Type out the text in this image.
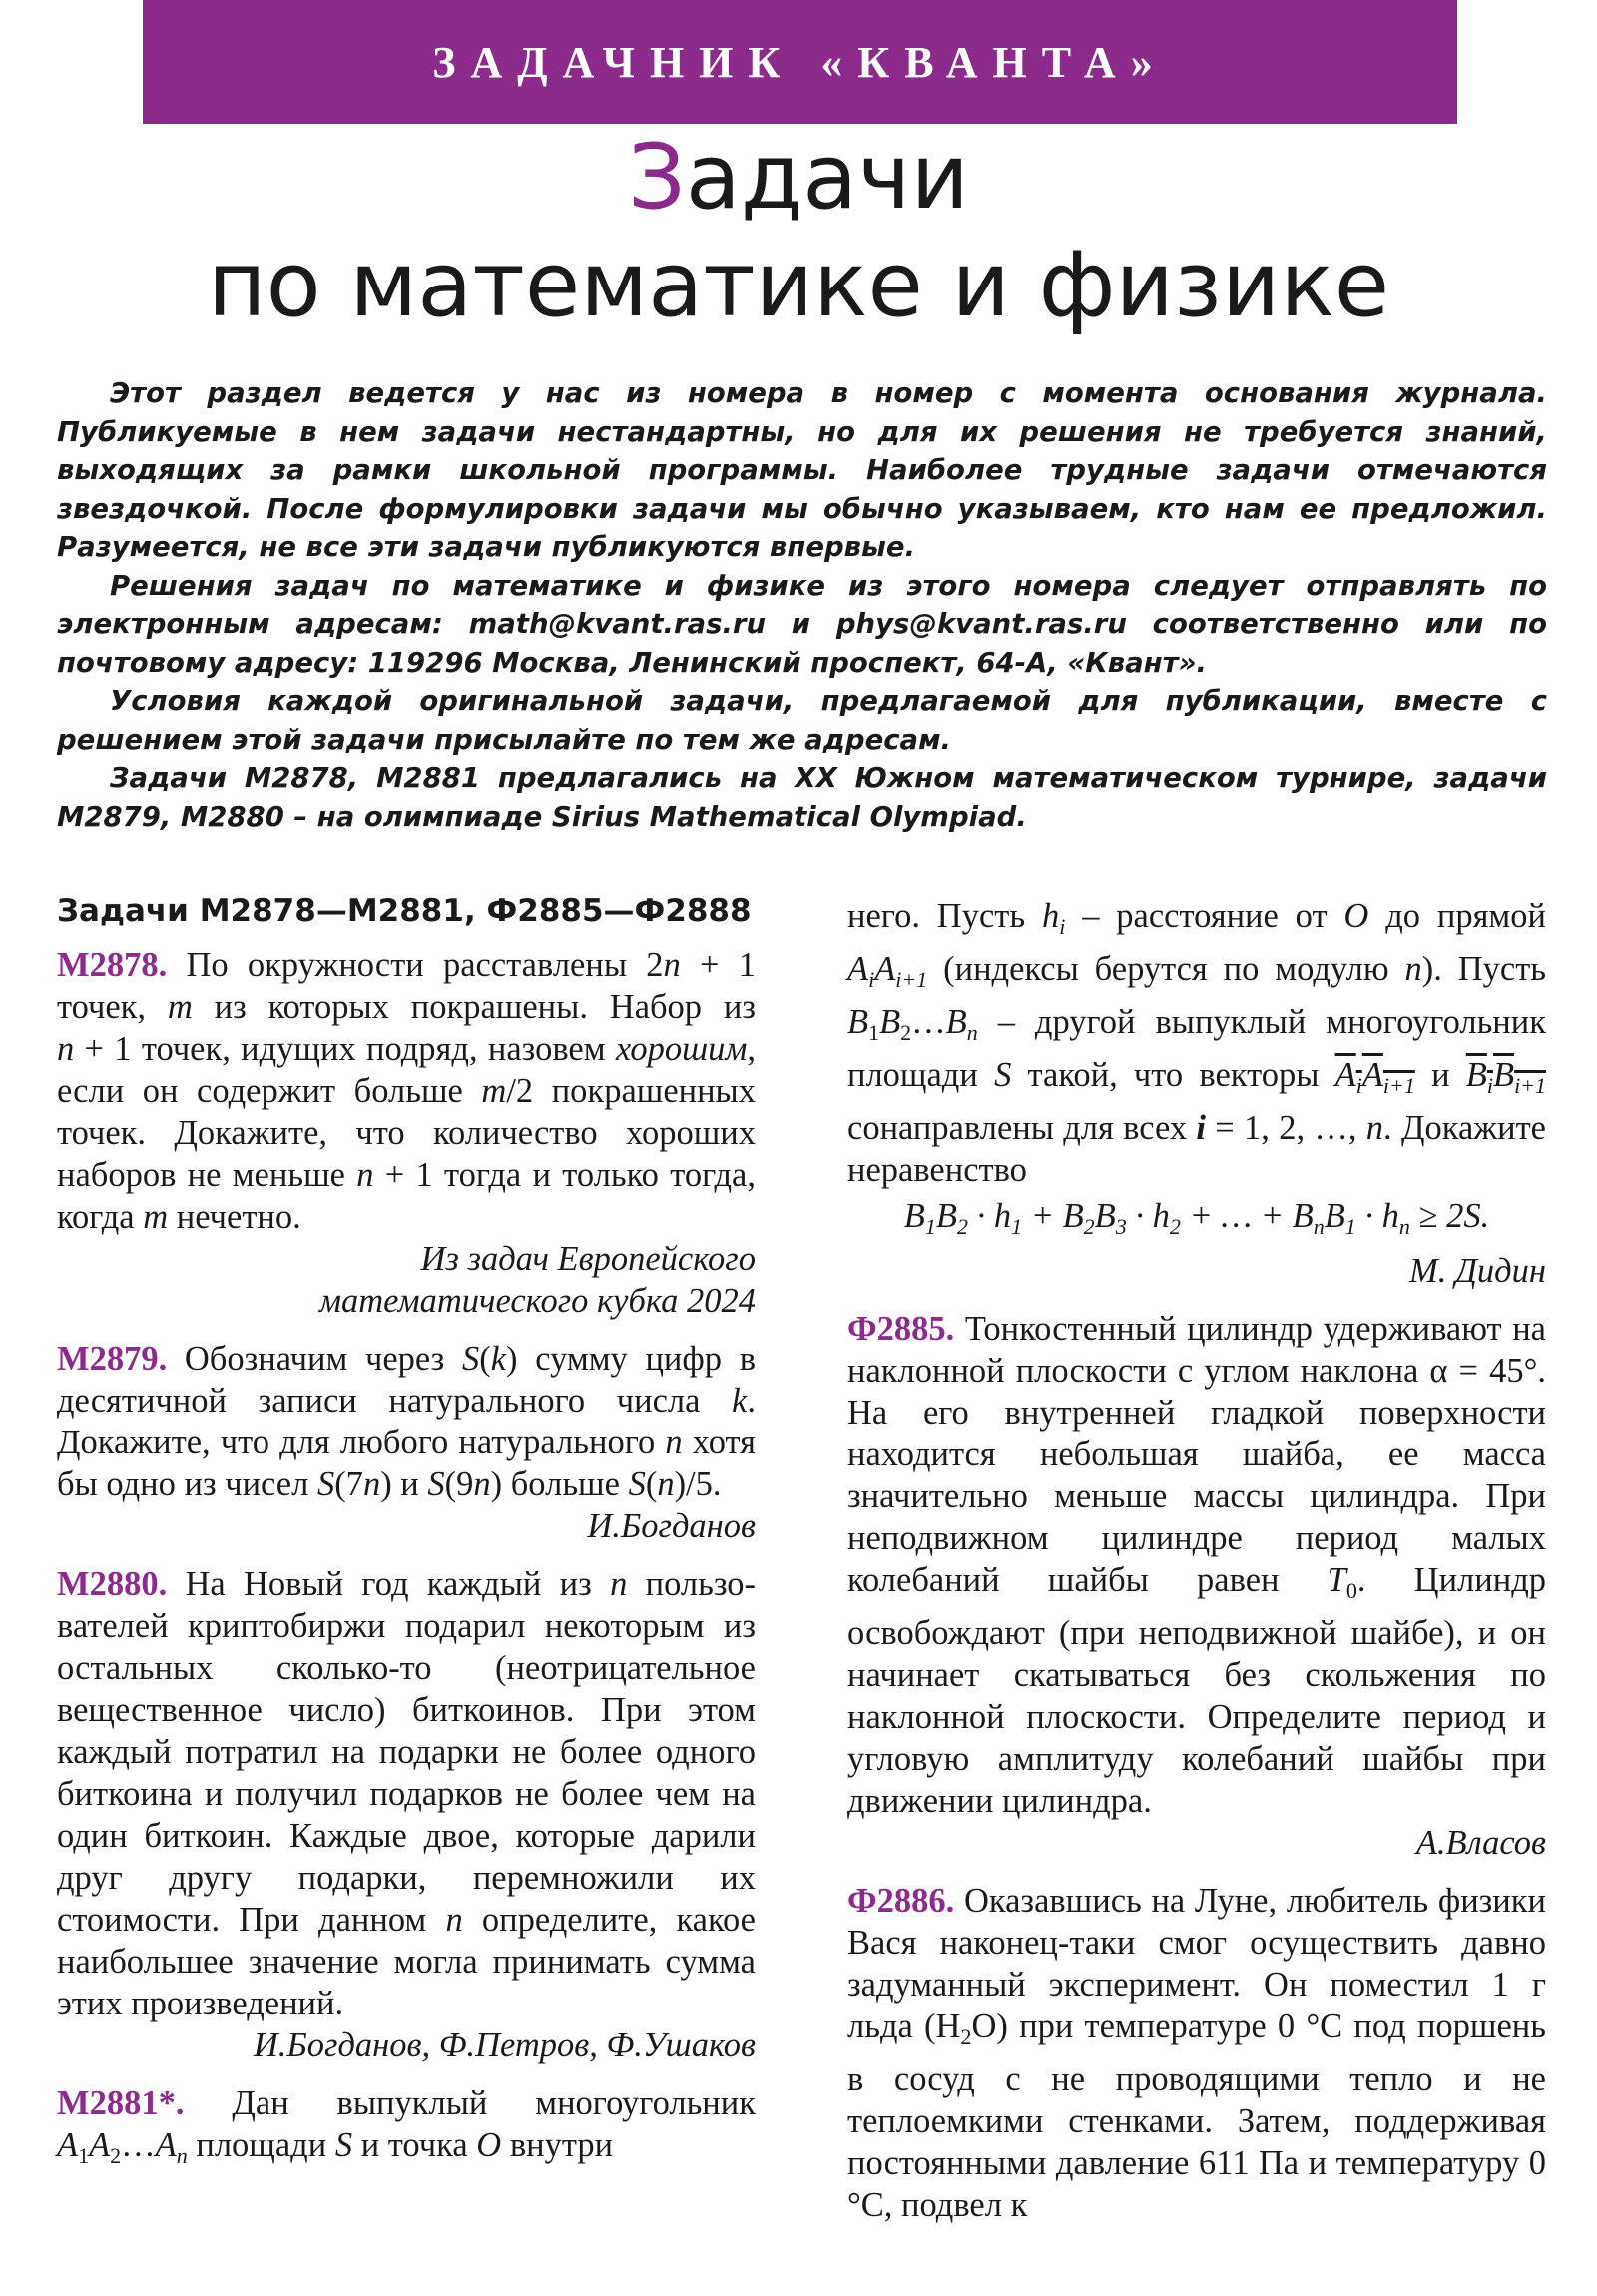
ЗАДАЧНИК «КВАНТА»
Задачи
по математике и физике

Этот раздел ведется у нас из номера в номер с момента основания журнала. Публикуемые в нем задачи нестандартны, но для их решения не требуется знаний, выходящих за рамки школьной программы. Наиболее трудные задачи отмечаются звездочкой. После формулировки задачи мы обычно указываем, кто нам ее предложил. Разумеется, не все эти задачи публикуются впервые.

Решения задач по математике и физике из этого номера следует отправлять по электронным адресам: math@kvant.ras.ru и phys@kvant.ras.ru соответственно или по почтовому адресу: 119296 Москва, Ленинский проспект, 64-А, «Квант».

Условия каждой оригинальной задачи, предлагаемой для публикации, вместе с решением этой задачи присылайте по тем же адресам.

Задачи М2878, М2881 предлагались на XX Южном математическом турнире, задачи М2879, М2880 – на олимпиаде Sirius Mathematical Olympiad.

Задачи М2878—М2881, Ф2885—Ф2888
М2878. По окружности расставлены 2n + 1 точек, m из которых покрашены. Набор из n + 1 точек, идущих подряд, назовем хорошим, если он содержит больше m/2 покрашенных точек. Докажите, что количество хороших наборов не меньше n + 1 тогда и только тогда, когда m нечетно.
Из задач Европейского
математического кубка 2024
М2879. Обозначим через S(k) сумму цифр в десятичной записи натурального числа k. Докажите, что для любого натурального n хотя бы одно из чисел S(7n) и S(9n) больше S(n)/5.
И.Богданов
М2880. На Новый год каждый из n пользователей криптобиржи подарил некоторым из остальных сколько-то (неотрицательное вещественное число) биткоинов. При этом каждый потратил на подарки не более одного биткоина и получил подарков не более чем на один биткоин. Каждые двое, которые дарили друг другу подарки, перемножили их стоимости. При данном n определите, какое наибольшее значение могла принимать сумма этих произведений.
И.Богданов, Ф.Петров, Ф.Ушаков
М2881*. Дан выпуклый многоугольник $A_1A_2\dots A_n$ площади S и точка O внутри
него. Пусть $h_i$ – расстояние от O до прямой $A_iA_{i+1}$ (индексы берутся по модулю n). Пусть $B_1B_2\dots B_n$ – другой выпуклый многоугольник площади S такой, что векторы $A_iA_{i+1}$ и $B_iB_{i+1}$ сонаправлены для всех i = 1, 2, …, n. Докажите неравенство
$B_1B_2 \cdot h_1 + B_2B_3 \cdot h_2$ + … + $B_nB_1 \cdot h_n \ge 2S$.
М. Дидин
Ф2885. Тонкостенный цилиндр удерживают на наклонной плоскости с углом наклона α = 45°. На его внутренней гладкой поверхности находится небольшая шайба, ее масса значительно меньше массы цилиндра. При неподвижном цилиндре период малых колебаний шайбы равен $T_0$. Цилиндр освобождают (при неподвижной шайбе), и он начинает скатываться без скольжения по наклонной плоскости. Определите период и угловую амплитуду колебаний шайбы при движении цилиндра.
А.Власов
Ф2886. Оказавшись на Луне, любитель физики Вася наконец-таки смог осуществить давно задуманный эксперимент. Он поместил 1 г льда $(H_2O)$ при температуре 0 °С под поршень в сосуд с не проводящими тепло и не теплоемкими стенками. Затем, поддерживая постоянными давление 611 Па и температуру 0 °С, подвел к
